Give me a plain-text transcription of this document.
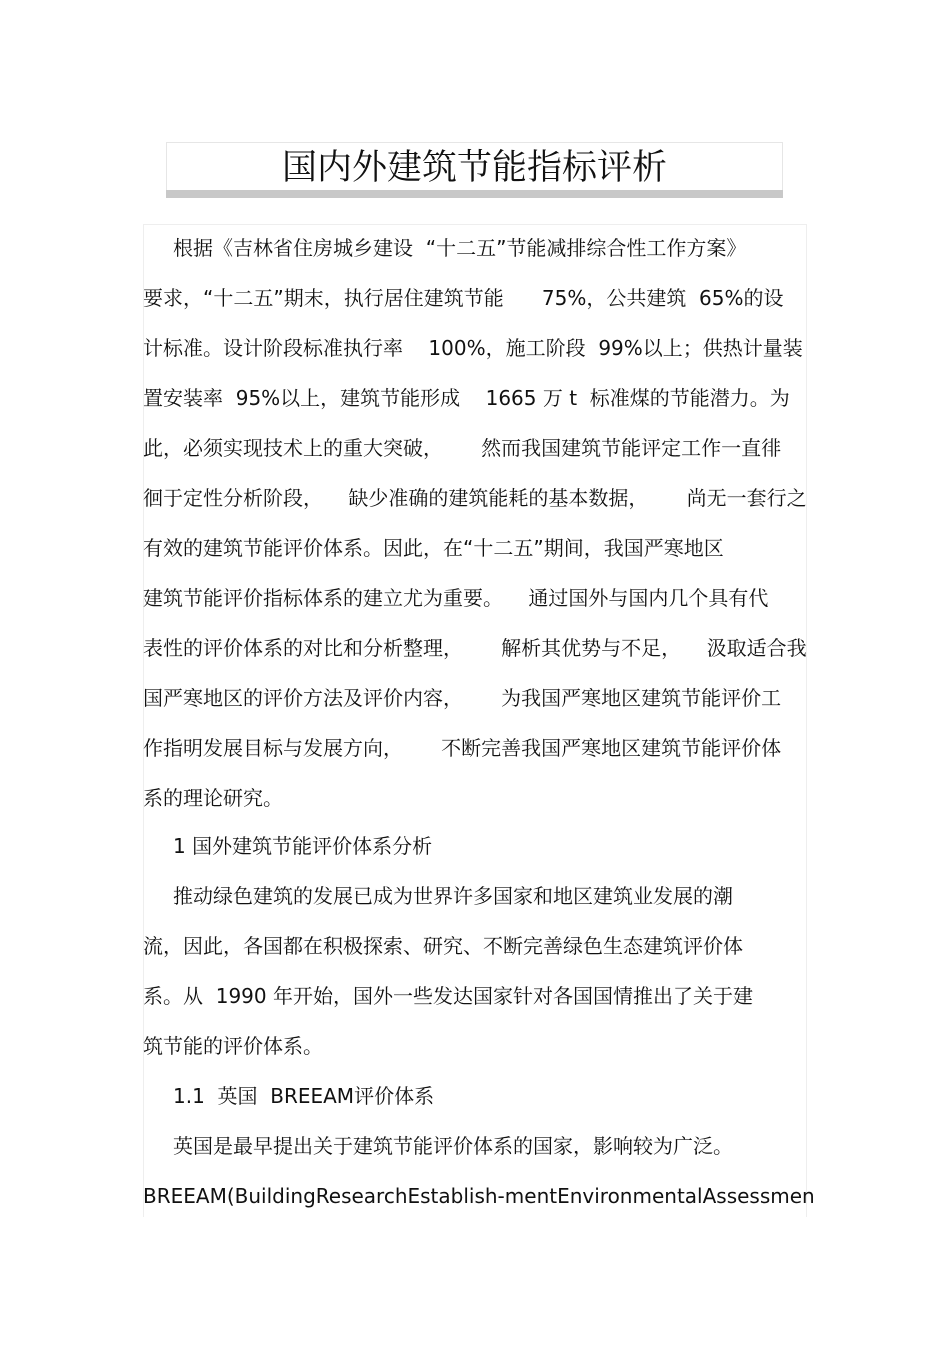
国内外建筑节能指标评析
根据《吉林省住房城乡建设  “十二五”节能减排综合性工作方案》
要求，“十二五”期末，执行居住建筑节能      75%，公共建筑  65%的设
计标准。设计阶段标准执行率    100%，施工阶段  99%以上；供热计量装
置安装率  95%以上，建筑节能形成    1665 万 t  标准煤的节能潜力。为
此，必须实现技术上的重大突破，      然而我国建筑节能评定工作一直徘
徊于定性分析阶段，    缺少准确的建筑能耗的基本数据，      尚无一套行之
有效的建筑节能评价体系。因此，在“十二五”期间，我国严寒地区
建筑节能评价指标体系的建立尤为重要。    通过国外与国内几个具有代
表性的评价体系的对比和分析整理，      解析其优势与不足，    汲取适合我
国严寒地区的评价方法及评价内容，      为我国严寒地区建筑节能评价工
作指明发展目标与发展方向，      不断完善我国严寒地区建筑节能评价体
系的理论研究。
1 国外建筑节能评价体系分析
推动绿色建筑的发展已成为世界许多国家和地区建筑业发展的潮
流，因此，各国都在积极探索、研究、不断完善绿色生态建筑评价体
系。从  1990 年开始，国外一些发达国家针对各国国情推出了关于建
筑节能的评价体系。
1.1  英国  BREEAM评价体系
英国是最早提出关于建筑节能评价体系的国家，影响较为广泛。
BREEAM(BuildingResearchEstablish-mentEnvironmentalAssessmen
